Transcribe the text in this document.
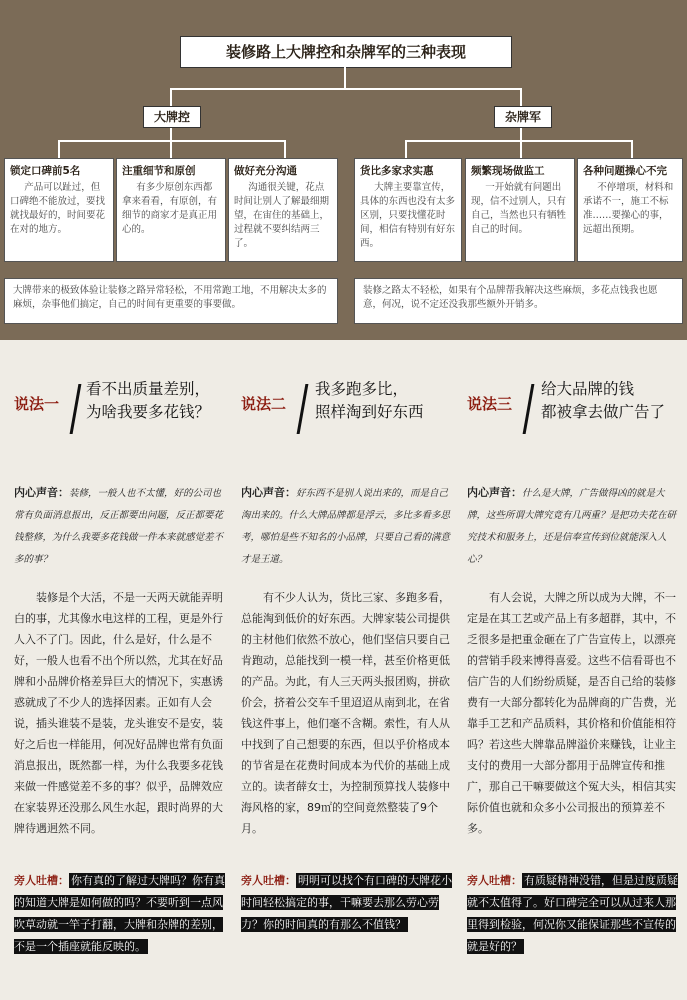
装修路上大牌控和杂牌军的三种表现
大牌控	杂牌军
锁定口碑前5名
产品可以趾过，但口碑绝不能放过，要找就找最好的，时间要花在对的地方。
注重细节和原创
有多少原创东西都拿来看看，有原创，有细节的商家才是真正用心的。
做好充分沟通
沟通很关键，花点时间让别人了解最细期望，在宙住的基础上，过程就不要纠结两三了。
货比多家求实惠
大牌主要靠宣传，具体的东西也没有太多区别，只要找懂花时间，相信有特别有好东西。
频繁现场做监工
一开始就有问题出现，信不过别人，只有自己，当然也只有牺牲自己的时间。
各种问题操心不完
不停增项，材料和承诺不一，施工不标准……要操心的事，远超出预期。
大牌带来的极致体验让装修之路异常轻松，不用常跑工地，不用解决太多的麻烦，杂事他们搞定，自己的时间有更重要的事要做。
装修之路太不轻松，如果有个品牌帮我解决这些麻烦，多花点钱我也愿意，何况，说不定还没我那些额外开销多。
说法一
看不出质量差别，
为啥我要多花钱？
内心声音：装修，一般人也不太懂，好的公司也常有负面消息报出，反正都要出问题，反正都要花钱整修，为什么我要多花钱做一件本来就感觉差不多的事？
装修是个大活，不是一天两天就能弄明白的事，尤其像水电这样的工程，更是外行人入不了门。因此，什么是好，什么是不好，一般人也看不出个所以然，尤其在好品牌和小品牌价格差异巨大的情况下，实惠诱惑就成了不少人的选择因素。正如有人会说，插头谁装不是装，龙头谁安不是安，装好之后也一样能用，何况好品牌也常有负面消息报出，既然都一样，为什么我要多花钱来做一件感觉差不多的事？似乎，品牌效应在家装界还没那么风生水起，跟时尚界的大牌待遇迥然不同。
说法二
我多跑多比，
照样淘到好东西
内心声音：好东西不是别人说出来的，而是自己淘出来的。什么大牌品牌都是浮云，多比多看多思考，哪怕是些不知名的小品牌，只要自己看的满意才是王道。
有不少人认为，货比三家、多跑多看，总能淘到低价的好东西。大牌家装公司提供的主材他们依然不放心，他们坚信只要自己肯跑动，总能找到一模一样，甚至价格更低的产品。为此，有人三天两头报团购，拼砍价会，挤着公交车千里迢迢从南到北，在省钱这件事上，他们毫不含糊。索性，有人从中找到了自己想要的东西，但以乎价格成本的节省是在花费时间成本为代价的基础上成立的。读者薛女士，为控制预算找人装修中海风格的家，89㎡的空间竟然整装了9个月。
说法三
给大品牌的钱
都被拿去做广告了
内心声音：什么是大牌，广告做得凶的就是大牌，这些所谓大牌究竟有几两重？是把功夫花在研究技术和服务上，还是信奉宣传到位就能深入人心？
有人会说，大牌之所以成为大牌，不一定是在其工艺或产品上有多超群，其中，不乏很多是把重金砸在了广告宣传上，以漂亮的营销手段来博得喜爱。这些不信看哥也不信广告的人们纷纷质疑，是否自己给的装修费有一大部分都转化为品牌商的广告费，光靠手工艺和产品质料，其价格和价值能相符吗？若这些大牌靠品牌溢价来赚钱，让业主支付的费用一大部分都用于品牌宣传和推广，那自己干嘛要做这个冤大头，相信其实际价值也就和众多小公司报出的预算差不多。
旁人吐槽： 你有真的了解过大牌吗？你有真的知道大牌是如何做的吗？不要听到一点风吹草动就一竿子打翻，大牌和杂牌的差别，不是一个插座就能反映的。
旁人吐槽： 明明可以找个有口碑的大牌花小时间轻松搞定的事，干嘛要去那么劳心劳力？你的时间真的有那么不值钱？
旁人吐槽： 有质疑精神没错，但是过度质疑就不太值得了。好口碑完全可以从过来人那里得到检验，何况你又能保证那些不宣传的就是好的？
